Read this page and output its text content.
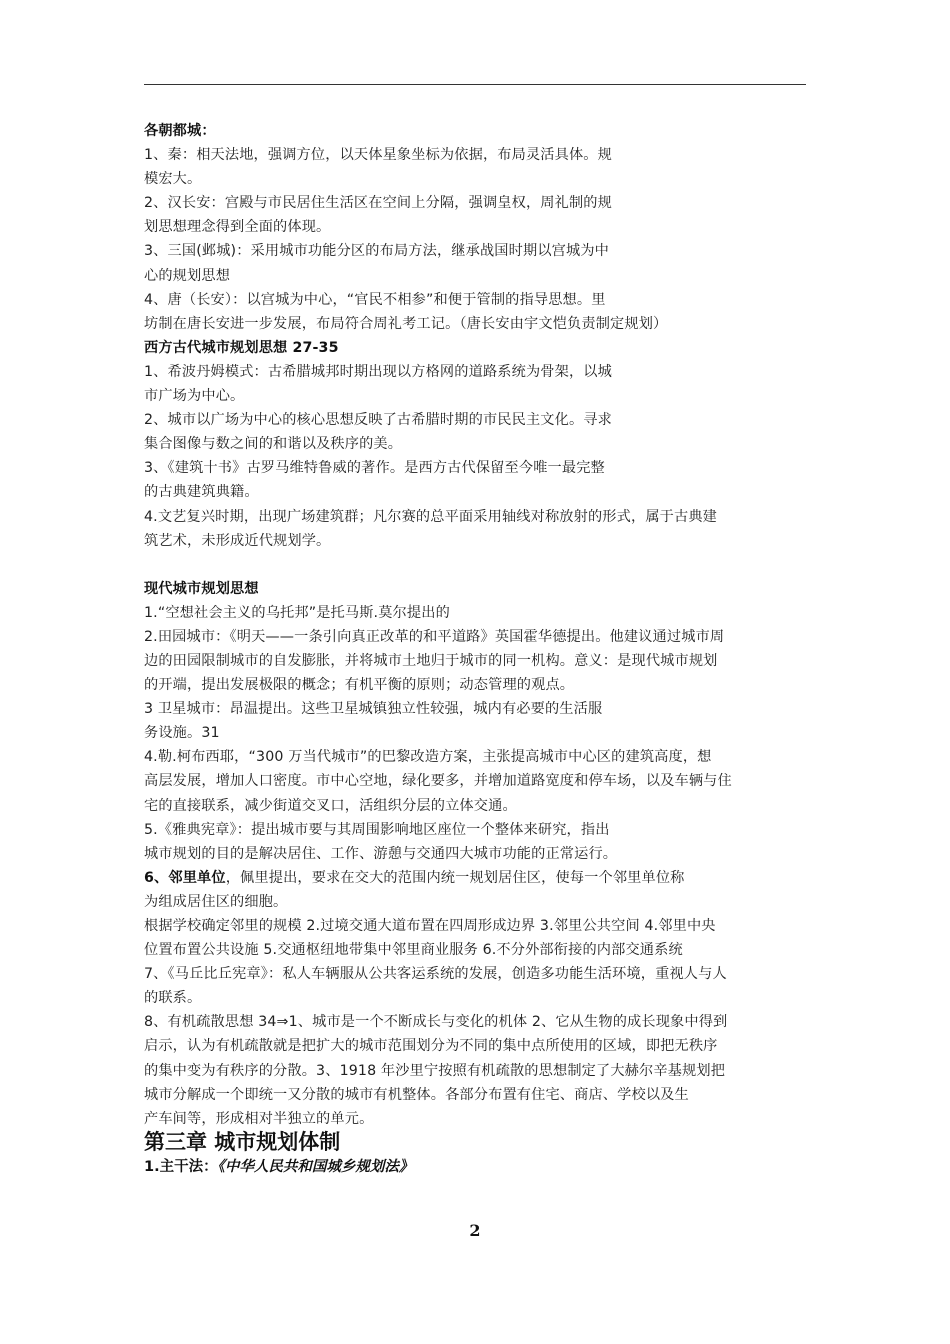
各朝都城：
1、秦：相天法地，强调方位，以天体星象坐标为依据，布局灵活具体。规
模宏大。
2、汉长安：宫殿与市民居住生活区在空间上分隔，强调皇权，周礼制的规
划思想理念得到全面的体现。
3、三国(邺城)：采用城市功能分区的布局方法，继承战国时期以宫城为中
心的规划思想
4、唐（长安）：以宫城为中心，“官民不相参”和便于管制的指导思想。里
坊制在唐长安进一步发展，布局符合周礼考工记。（唐长安由宇文恺负责制定规划）
西方古代城市规划思想 27-35
1、希波丹姆模式：古希腊城邦时期出现以方格网的道路系统为骨架，以城
市广场为中心。
2、城市以广场为中心的核心思想反映了古希腊时期的市民民主文化。寻求
集合图像与数之间的和谐以及秩序的美。
3、《建筑十书》古罗马维特鲁威的著作。是西方古代保留至今唯一最完整
的古典建筑典籍。
4.文艺复兴时期，出现广场建筑群；凡尔赛的总平面采用轴线对称放射的形式，属于古典建
筑艺术，未形成近代规划学。
现代城市规划思想
1.“空想社会主义的乌托邦”是托马斯.莫尔提出的
2.田园城市：《明天——一条引向真正改革的和平道路》英国霍华德提出。他建议通过城市周
边的田园限制城市的自发膨胀，并将城市土地归于城市的同一机构。意义：是现代城市规划
的开端，提出发展极限的概念；有机平衡的原则；动态管理的观点。
3 卫星城市：昂温提出。这些卫星城镇独立性较强，城内有必要的生活服
务设施。31
4.勒.柯布西耶，“300 万当代城市”的巴黎改造方案，主张提高城市中心区的建筑高度，想
高层发展，增加人口密度。市中心空地，绿化要多，并增加道路宽度和停车场，以及车辆与住
宅的直接联系，减少街道交叉口，活组织分层的立体交通。
5.《雅典宪章》：提出城市要与其周围影响地区座位一个整体来研究，指出
城市规划的目的是解决居住、工作、游憩与交通四大城市功能的正常运行。
6、邻里单位，佩里提出，要求在交大的范围内统一规划居住区，使每一个邻里单位称
为组成居住区的细胞。
根据学校确定邻里的规模 2.过境交通大道布置在四周形成边界 3.邻里公共空间 4.邻里中央
位置布置公共设施 5.交通枢纽地带集中邻里商业服务 6.不分外部衔接的内部交通系统
7、《马丘比丘宪章》：私人车辆服从公共客运系统的发展，创造多功能生活环境，重视人与人
的联系。
8、有机疏散思想 34⇒1、城市是一个不断成长与变化的机体 2、它从生物的成长现象中得到
启示，认为有机疏散就是把扩大的城市范围划分为不同的集中点所使用的区域，即把无秩序
的集中变为有秩序的分散。3、1918 年沙里宁按照有机疏散的思想制定了大赫尔辛基规划把
城市分解成一个即统一又分散的城市有机整体。各部分布置有住宅、商店、学校以及生
产车间等，形成相对半独立的单元。
第三章 城市规划体制
1.主干法：《中华人民共和国城乡规划法》
2
